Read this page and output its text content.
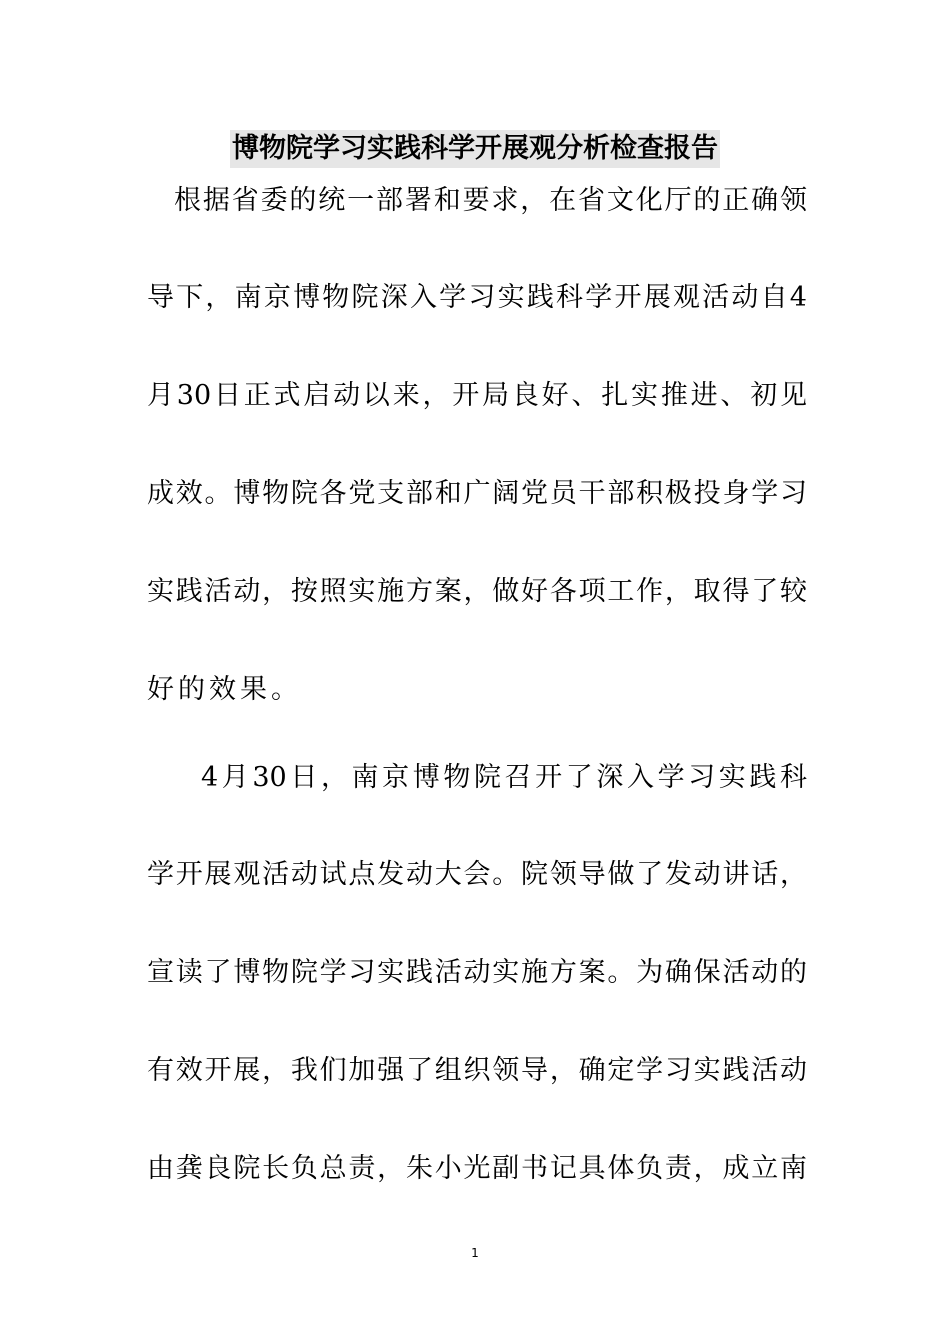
博物院学习实践科学开展观分析检查报告
根据省委的统一部署和要求，在省文化厅的正确领
导下，南京博物院深入学习实践科学开展观活动自4
月30日正式启动以来，开局良好、扎实推进、初见
成效。博物院各党支部和广阔党员干部积极投身学习
实践活动，按照实施方案，做好各项工作，取得了较
好的效果。
4月30日，南京博物院召开了深入学习实践科
学开展观活动试点发动大会。院领导做了发动讲话，
宣读了博物院学习实践活动实施方案。为确保活动的
有效开展，我们加强了组织领导，确定学习实践活动
由龚良院长负总责，朱小光副书记具体负责，成立南
1
